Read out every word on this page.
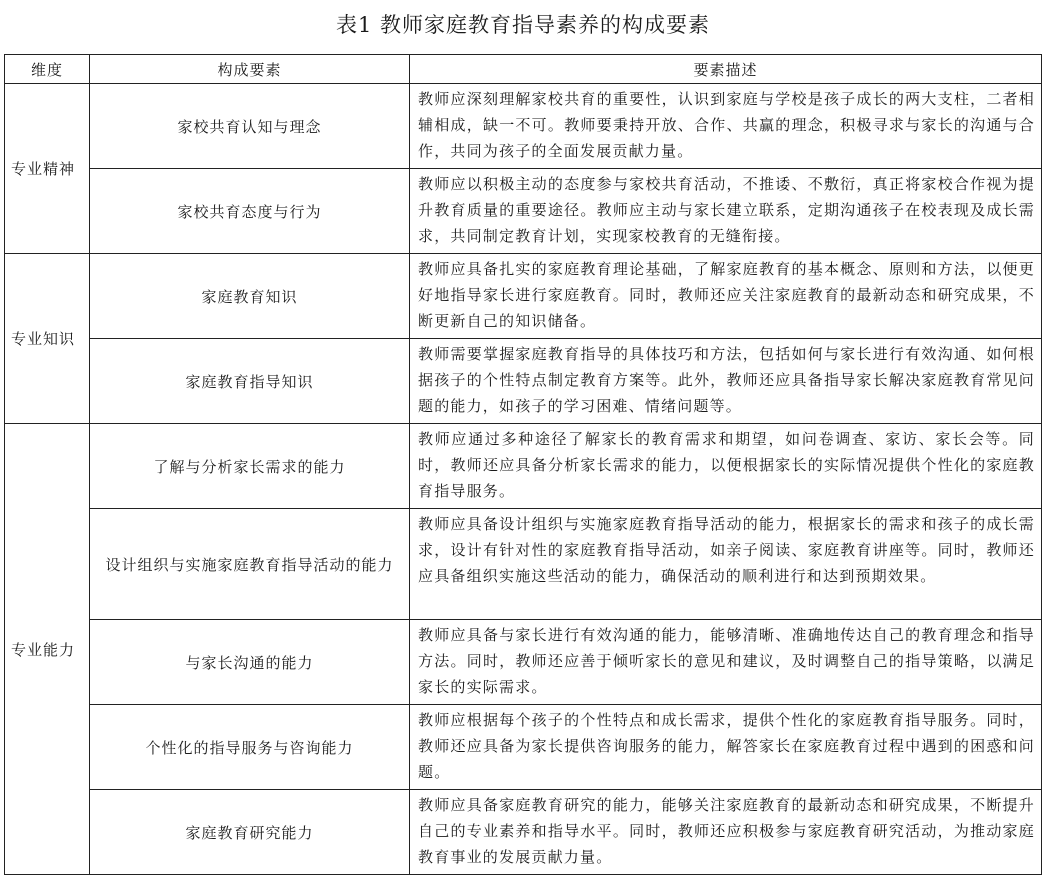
表1 教师家庭教育指导素养的构成要素
维度	构成要素	要素描述
专业精神	家校共育认知与理念	教师应深刻理解家校共育的重要性，认识到家庭与学校是孩子成长的两大支柱，二者相辅相成，缺一不可。教师要秉持开放、合作、共赢的理念，积极寻求与家长的沟通与合作，共同为孩子的全面发展贡献力量。
	家校共育态度与行为	教师应以积极主动的态度参与家校共育活动，不推诿、不敷衍，真正将家校合作视为提升教育质量的重要途径。教师应主动与家长建立联系，定期沟通孩子在校表现及成长需求，共同制定教育计划，实现家校教育的无缝衔接。
专业知识	家庭教育知识	教师应具备扎实的家庭教育理论基础，了解家庭教育的基本概念、原则和方法，以便更好地指导家长进行家庭教育。同时，教师还应关注家庭教育的最新动态和研究成果，不断更新自己的知识储备。
	家庭教育指导知识	教师需要掌握家庭教育指导的具体技巧和方法，包括如何与家长进行有效沟通、如何根据孩子的个性特点制定教育方案等。此外，教师还应具备指导家长解决家庭教育常见问题的能力，如孩子的学习困难、情绪问题等。
专业能力	了解与分析家长需求的能力	教师应通过多种途径了解家长的教育需求和期望，如问卷调查、家访、家长会等。同时，教师还应具备分析家长需求的能力，以便根据家长的实际情况提供个性化的家庭教育指导服务。
	设计组织与实施家庭教育指导活动的能力	教师应具备设计组织与实施家庭教育指导活动的能力，根据家长的需求和孩子的成长需求，设计有针对性的家庭教育指导活动，如亲子阅读、家庭教育讲座等。同时，教师还应具备组织实施这些活动的能力，确保活动的顺利进行和达到预期效果。
	与家长沟通的能力	教师应具备与家长进行有效沟通的能力，能够清晰、准确地传达自己的教育理念和指导方法。同时，教师还应善于倾听家长的意见和建议，及时调整自己的指导策略，以满足家长的实际需求。
	个性化的指导服务与咨询能力	教师应根据每个孩子的个性特点和成长需求，提供个性化的家庭教育指导服务。同时，教师还应具备为家长提供咨询服务的能力，解答家长在家庭教育过程中遇到的困惑和问题。
	家庭教育研究能力	教师应具备家庭教育研究的能力，能够关注家庭教育的最新动态和研究成果，不断提升自己的专业素养和指导水平。同时，教师还应积极参与家庭教育研究活动，为推动家庭教育事业的发展贡献力量。
